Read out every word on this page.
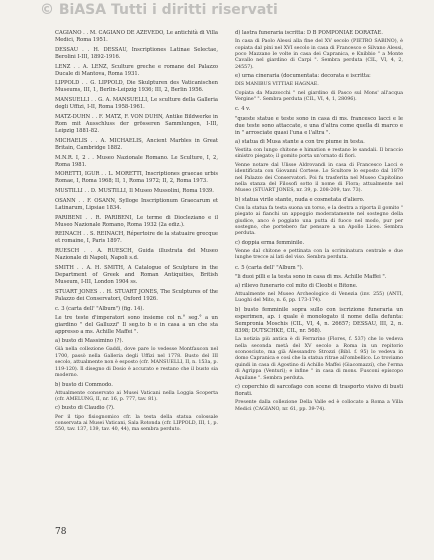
© BiASA Tutti i diritti riservati

CAGIANO . . M. CAGIANO DE AZEVEDO, Le antichità di Villa Medici, Roma 1951.

DESSAU . . H. DESSAU, Inscriptiones Latinae Selectae, Berolini I-III, 1892-1916.

LENZ . . A. LENZ, Sculture greche e romane del Palazzo Ducale di Mantova, Roma 1931.

LIPPOLD . . G. LIPPOLD, Die Skulpturen des Vaticanischen Museums, III, 1, Berlin-Leipzig 1936; III, 2, Berlin 1956.

MANSUELLI . . G. A. MANSUELLI, Le sculture della Galleria degli Uffizi, I-II, Roma 1958-1961.

MATZ-DUHN . . F. MATZ, F. VON DUHN, Antike Bildwerke in Rom mit Ausschluss der grösseren Sammlungen, I-III, Leipzig 1881-82.

MICHAELIS . . A. MICHAELIS, Ancient Marbles in Great Britain, Cambridge 1882.

M.N.R. I, 2 . . Museo Nazionale Romano. Le Sculture, I, 2, Roma 1981.

MORETTI, IGUR . . L. MORETTI, Inscriptiones graecae urbis Romae, I, Roma 1968; II, 1, Roma 1972; II, 2, Roma 1973.

MUSTILLI . . D. MUSTILLI, Il Museo Mussolini, Roma 1939.

OSANN . . F. OSANN, Sylloge Inscriptionum Graecarum et Latinarum, Lipsiae 1834.

PARIBENI . . R. PARIBENI, Le terme di Diocleziano e il Museo Nazionale Romano, Roma 1932 (2a ediz.).

REINACH . . S. REINACH, Répertoire de la statuaire grecque et romaine, I, Paris 1897.

RUESCH . . A. RUESCH, Guida illustrata del Museo Nazionale di Napoli, Napoli s.d.

SMITH . . A. H. SMITH, A Catalogue of Sculpture in the Department of Greek and Roman Antiquities, British Museum, I-III, London 1904 ss.

STUART JONES . . H. STUART JONES, The Sculptures of the Palazzo dei Conservatori, Oxford 1926.

c. 3 (carta dell' "Album") (fig. 14).

Le tre teste d'imperatori sono insieme col n.° seg.° a un giardino " del Galluzzi" Il seg.to b e in casa a un che sta appresso a ms. Achille Maffei ".

a) busto di Massimino (?).

Già nella collezione Gaddi, dove pare lo vedesse Montfaucon nel 1700, passò nella Galleria degli Uffizi nel 1778. Busto del III secolo, attualmente non è esposto (cfr. MANSUELLI, II, n. 153a, p. 119-120). Il disegno di Dosio è accurato e restano che il busto sia moderno.

b) busto di Commodo.

Attualmente conservato ai Musei Vaticani nella Loggia Scoperta (cfr. AMELUNG, II, nr. 16, p. 777, tav. 81).

c) busto di Claudio (?).

Per il tipo fisiognomico cfr. la testa della statua colossale conservata ai Musei Vaticani, Sala Rotonda (cfr. LIPPOLD, III, 1, p. 550, tav. 137, 139, tav. 40, 44), ma sembra perduto.

d) lastra funeraria iscritta: D B POMPONIAE DORATAE.

In casa di Paolo Alessi alla fine del XV secolo (PIETRO SABINO), è copiata dal pini nel XVI secolo in casa di Francesco e Silvano Alessi, poco Mazzano le volte in casa dei Capranica, e Knibbio " a Monte Cavallo nel giardino di Carpi ". Sembra perduta (CIL, VI, 4, 2, 24557).

e) urna cineraria (documentata: decorata e iscritta:

DIS MANIBUS VITTIAE HAGNAE.

Copiata da Mazzocchi " nel giardino di Pasco sul Mons' all'acqua Vergine" ". Sembra perduta (CIL, VI, 4, 1, 28096).

c. 4 v.

"queste statue e teste sono in casa di ms. francesco lacci e le due teste sono attaccate, e una d'altra come quella di marco e in " arrosciate quasi l'una e l'altra ".

a) statua di Musa stante a con tre piume in testa.

Vestita con lungo chitone e himation e restano le sandali. Il braccio sinistro piegato; il gomito porta un'ornato di fiori.

Venne notare dal Ulisse Aldrovandi in casa di Francesco Lacci e identificata con Giovanni Cortese. Lo Scultore lo esposto dal 1879 nel Palazzo dei Conservatori. Poi fu trasferita nel Museo Capitolino nella stanza del Filosofi sotto il nome di Flora; attualmente nel Museo (STUART JONES, nr. 39, p. 208-209, tav. 73).

b) statua virile stante, nuda e cosmetata d'aliero.

Con la statua fa testa suona un torso, e la destra a riporta il gomito " piegato ai fianchi un appoggio moderatamente nel sostegno della giudice, anco è poggiato una putta di fuoco nel modo, pur per sostegno, che portebero far pensare a un Apollo Liceo. Sembra perduta.

c) doppia erma femminile.

Venne dal chitone e pettinata con la scriminatura centrale e due lunghe trecce ai lati del viso. Sembra perduta.

c. 5 (carta dell' "Album ").

"li duoi pilli e la testa sono in casa di ms. Achille Maffei ".

a) rilievo funerario col mito di Cleobi e Bitone.

Attualmente nel Museo Archeologico di Venezia (inv. 255) (ANTI, Luoghi del Mito, n. 6, pp. 173-174).

b) busto femminile sopra sullo con iscrizione funeraria un esperimen, ap. i quale è monologato il nome della defunta: Sempronia Moschis (CIL, VI, 4, n. 26657; DESSAU, III, 2, n. 8398; DUTSCHKE, CIL, nr. 568).

La notizia più antica è di Ferrarino (Flores, f. 537) che lo vedeva nella seconda metà del XV secolo a Roma in un repitorio sconosciuto, ma già Alessandro Strozzi (Bibl. f. 95) lo vedeva in domo Capranica e così che la statua ritrae all'ombellico. Lo troviamo quindi in casa di Agostino di Achillo Maffei (Giacomazzi), che l'erma di Agrippa (Venturi); e infine " in casa di mons. Fusconi episcopo Aquilane ". Sembra perduta.

c) coperchio di sarcofago con scene di trasporto visivo di busti fiorati.

Presente dalla collezione Della Valle ed è collocato a Roma a Villa Medici (CAGIANO, nr. 61, pp. 39-74).

78
